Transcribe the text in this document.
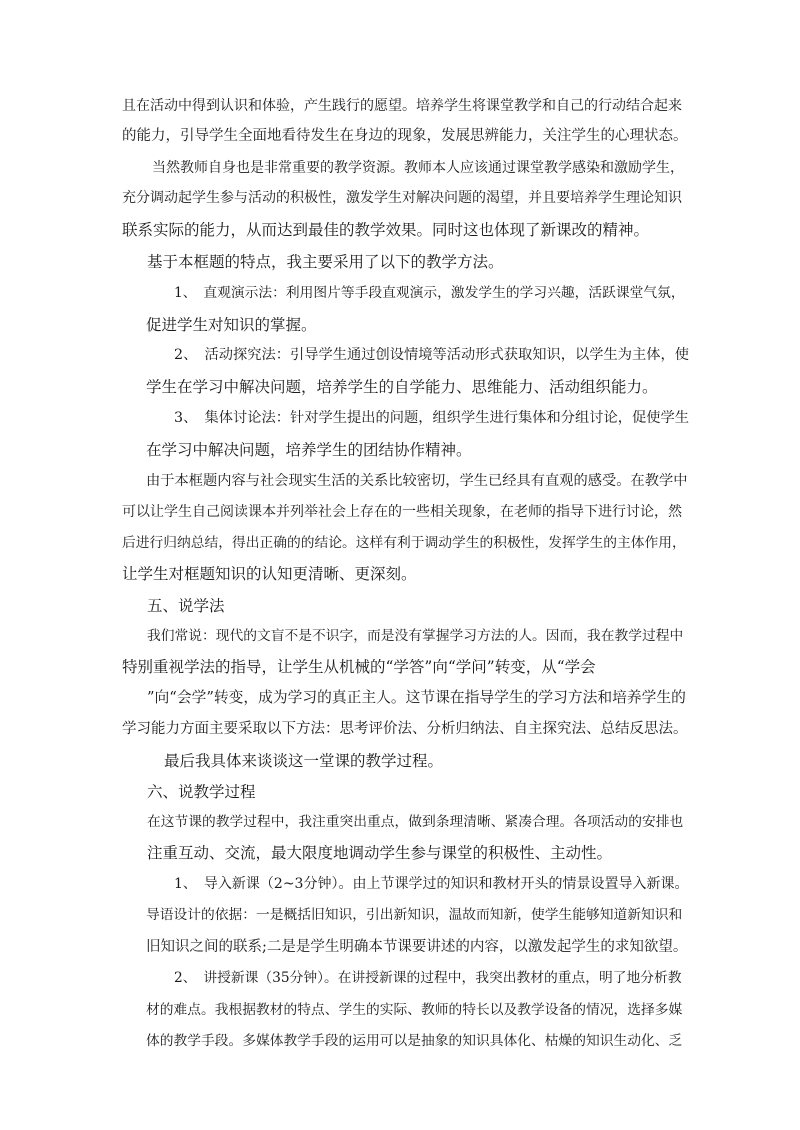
且在活动中得到认识和体验，产生践行的愿望。培养学生将课堂教学和自己的行动结合起来

的能力，引导学生全面地看待发生在身边的现象，发展思辨能力，关注学生的心理状态。

当然教师自身也是非常重要的教学资源。教师本人应该通过课堂教学感染和激励学生，

充分调动起学生参与活动的积极性，激发学生对解决问题的渴望，并且要培养学生理论知识

联系实际的能力，从而达到最佳的教学效果。同时这也体现了新课改的精神。

基于本框题的特点，我主要采用了以下的教学方法。

1、　直观演示法：利用图片等手段直观演示，激发学生的学习兴趣，活跃课堂气氛，

促进学生对知识的掌握。

2、　活动探究法：引导学生通过创设情境等活动形式获取知识，以学生为主体，使

学生在学习中解决问题，培养学生的自学能力、思维能力、活动组织能力。

3、　集体讨论法：针对学生提出的问题，组织学生进行集体和分组讨论，促使学生

在学习中解决问题，培养学生的团结协作精神。

由于本框题内容与社会现实生活的关系比较密切，学生已经具有直观的感受。在教学中

可以让学生自己阅读课本并列举社会上存在的一些相关现象，在老师的指导下进行讨论，然

后进行归纳总结，得出正确的的结论。这样有利于调动学生的积极性，发挥学生的主体作用，

让学生对框题知识的认知更清晰、更深刻。

五、说学法

我们常说：现代的文盲不是不识字，而是没有掌握学习方法的人。因而，我在教学过程中

特别重视学法的指导，让学生从机械的“学答”向“学问”转变，从“学会

”向“会学”转变，成为学习的真正主人。这节课在指导学生的学习方法和培养学生的

学习能力方面主要采取以下方法：思考评价法、分析归纳法、自主探究法、总结反思法。

最后我具体来谈谈这一堂课的教学过程。

六、说教学过程

在这节课的教学过程中，我注重突出重点，做到条理清晰、紧凑合理。各项活动的安排也

注重互动、交流，最大限度地调动学生参与课堂的积极性、主动性。

1、　导入新课（2~3分钟）。由上节课学过的知识和教材开头的情景设置导入新课。

导语设计的依据：一是概括旧知识，引出新知识，温故而知新，使学生能够知道新知识和

旧知识之间的联系;二是是学生明确本节课要讲述的内容，以激发起学生的求知欲望。

2、　讲授新课（35分钟）。在讲授新课的过程中，我突出教材的重点，明了地分析教

材的难点。我根据教材的特点、学生的实际、教师的特长以及教学设备的情况，选择多媒

体的教学手段。多媒体教学手段的运用可以是抽象的知识具体化、枯燥的知识生动化、乏
